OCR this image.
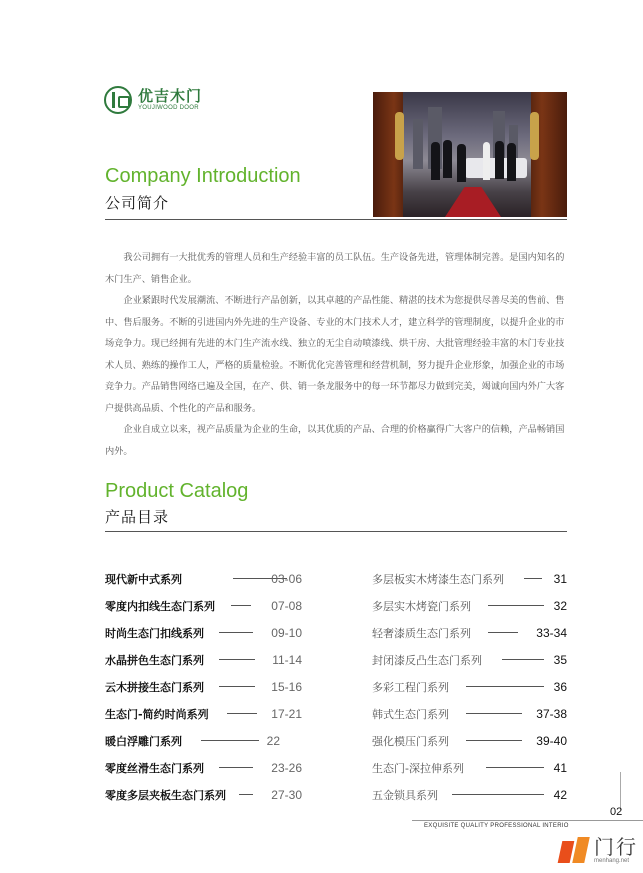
优吉木门
YOUJIWOOD DOOR
Company Introduction
公司简介

我公司拥有一大批优秀的管理人员和生产经验丰富的员工队伍。生产设备先进，管理体制完善。是国内知名的木门生产、销售企业。

企业紧跟时代发展潮流、不断进行产品创新，以其卓越的产品性能、精湛的技术为您提供尽善尽美的售前、售中、售后服务。不断的引进国内外先进的生产设备、专业的木门技术人才，建立科学的管理制度，以提升企业的市场竞争力。现已经拥有先进的木门生产流水线、独立的无尘自动喷漆线、烘干房、大批管理经验丰富的木门专业技术人员、熟练的操作工人，严格的质量检验。不断优化完善管理和经营机制，努力提升企业形象，加强企业的市场竞争力。产品销售网络已遍及全国，在产、供、销一条龙服务中的每一环节都尽力做到完美，竭诚向国内外广大客户提供高品质、个性化的产品和服务。

企业自成立以来，视产品质量为企业的生命，以其优质的产品、合理的价格赢得广大客户的信赖，产品畅销国内外。

Product Catalog
产品目录
现代新中式系列	03-06
零度内扣线生态门系列	07-08
时尚生态门扣线系列	09-10
水晶拼色生态门系列	11-14
云木拼接生态门系列	15-16
生态门-简约时尚系列	17-21
暖白浮雕门系列	22
零度丝滑生态门系列	23-26
零度多层夹板生态门系列	27-30
多层板实木烤漆生态门系列	31
多层实木烤瓷门系列	32
轻奢漆质生态门系列	33-34
封闭漆反凸生态门系列	35
多彩工程门系列	36
韩式生态门系列	37-38
强化模压门系列	39-40
生态门-深拉伸系列	41
五金锁具系列	42
02
EXQUISITE QUALITY PROFESSIONAL INTERIO
门行
menhang.net
